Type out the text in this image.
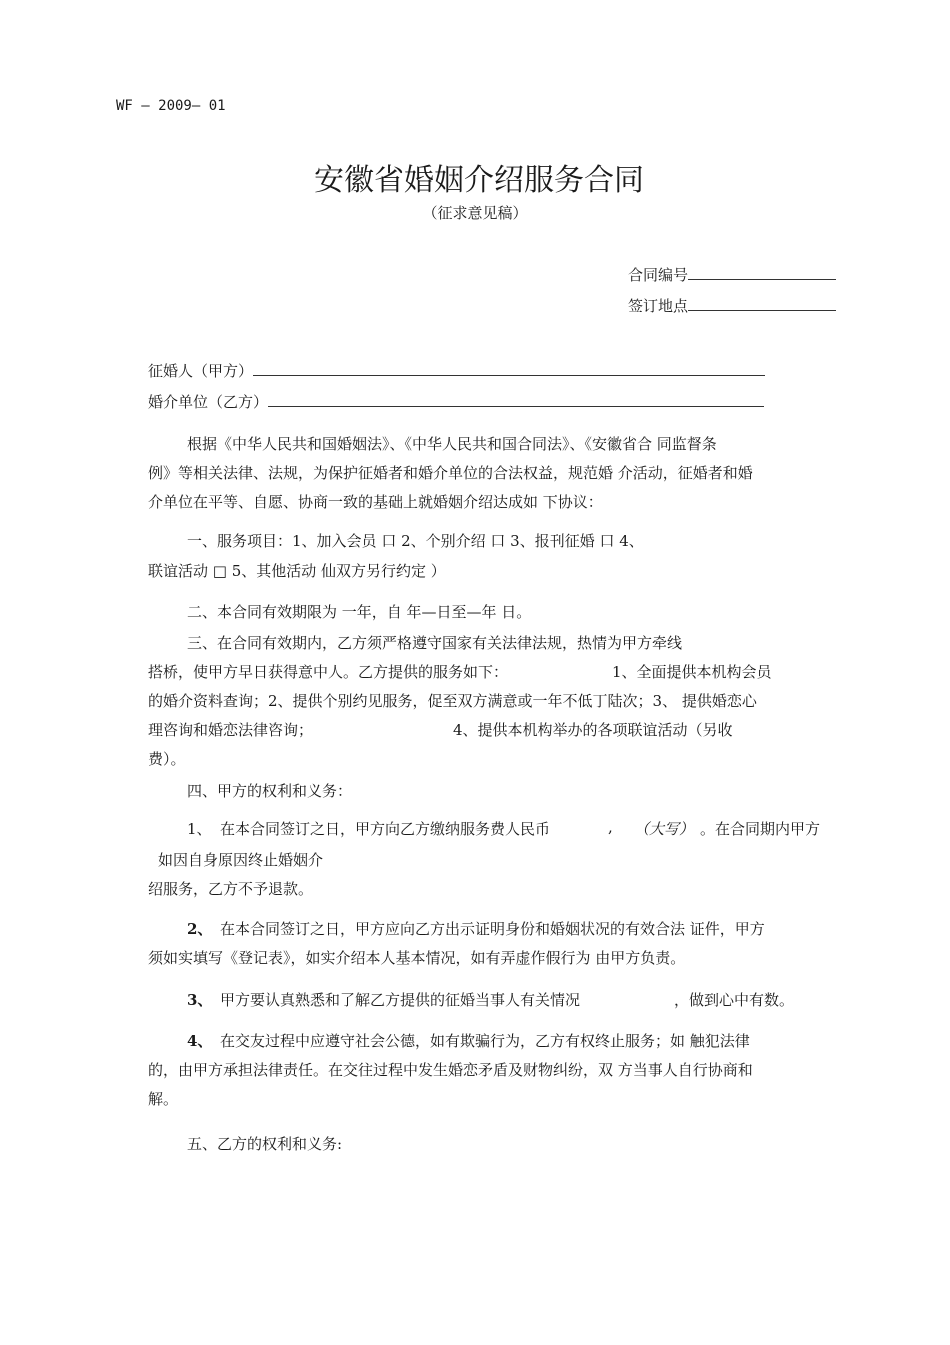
WF — 2009— 01
安徽省婚姻介绍服务合同
（征求意见稿）
合同编号
签订地点
征婚人（甲方）
婚介单位（乙方）
根据《中华人民共和国婚姻法》、《中华人民共和国合同法》、《安徽省合 同监督条
例》等相关法律、法规，为保护征婚者和婚介单位的合法权益，规范婚 介活动，征婚者和婚
介单位在平等、自愿、协商一致的基础上就婚姻介绍达成如 下协议：
一、服务项目：1、加入会员 口 2、个别介绍 口 3、报刊征婚 口 4、
联谊活动 □ 5、其他活动 仙双方另行约定 ）
二、本合同有效期限为 一年，自 年—日至—年 日。
三、在合同有效期内，乙方须严格遵守国家有关法律法规，热情为甲方牵线
搭桥，使甲方早日获得意中人。乙方提供的服务如下：	1、全面提供本机构会员
的婚介资料查询；2、提供个别约见服务，促至双方满意或一年不低丁陆次；3、 提供婚恋心
理咨询和婚恋法律咨询；	4、提供本机构举办的各项联谊活动（另收
费）。
四、甲方的权利和义务：
1、 在本合同签订之日，甲方向乙方缴纳服务费人民币	, （大写） 。在合同期内甲方
如因自身原因终止婚姻介
绍服务，乙方不予退款。
2、 在本合同签订之日，甲方应向乙方出示证明身份和婚姻状况的有效合法 证件，甲方
须如实填写《登记表》，如实介绍本人基本情况，如有弄虚作假行为 由甲方负责。
3、 甲方要认真熟悉和了解乙方提供的征婚当事人有关情况	，做到心中有数。
4、 在交友过程中应遵守社会公德，如有欺骗行为，乙方有权终止服务；如 触犯法律
的，由甲方承担法律责任。在交往过程中发生婚恋矛盾及财物纠纷，双 方当事人自行协商和
解。
五、乙方的权利和义务:
